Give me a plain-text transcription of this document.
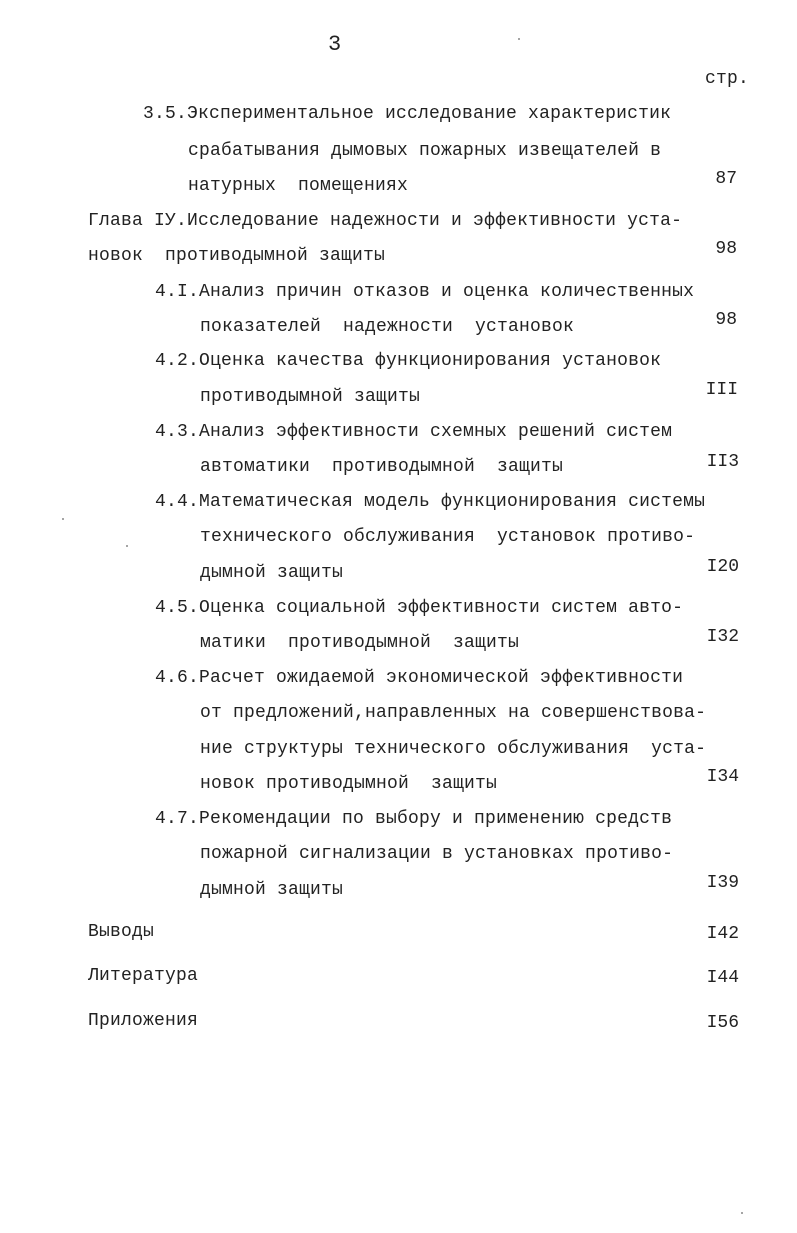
3
стр.
3.5.Экспериментальное исследование характеристик
срабатывания дымовых пожарных извещателей в
натурных  помещениях	87
Глава IУ.Исследование надежности и эффективности уста-
новок  противодымной защиты	98
4.I.Анализ причин отказов и оценка количественных
показателей  надежности  установок	98
4.2.Оценка качества функционирования установок
противодымной защиты	III
4.3.Анализ эффективности схемных решений систем
автоматики  противодымной  защиты	II3
4.4.Математическая модель функционирования системы
технического обслуживания  установок противо-
дымной защиты	I20
4.5.Оценка социальной эффективности систем авто-
матики  противодымной  защиты	I32
4.6.Расчет ожидаемой экономической эффективности
от предложений,направленных на совершенствова-
ние структуры технического обслуживания  уста-
новок противодымной  защиты	I34
4.7.Рекомендации по выбору и применению средств
пожарной сигнализации в установках противо-
дымной защиты	I39
Выводы	I42
Литература	I44
Приложения	I56
